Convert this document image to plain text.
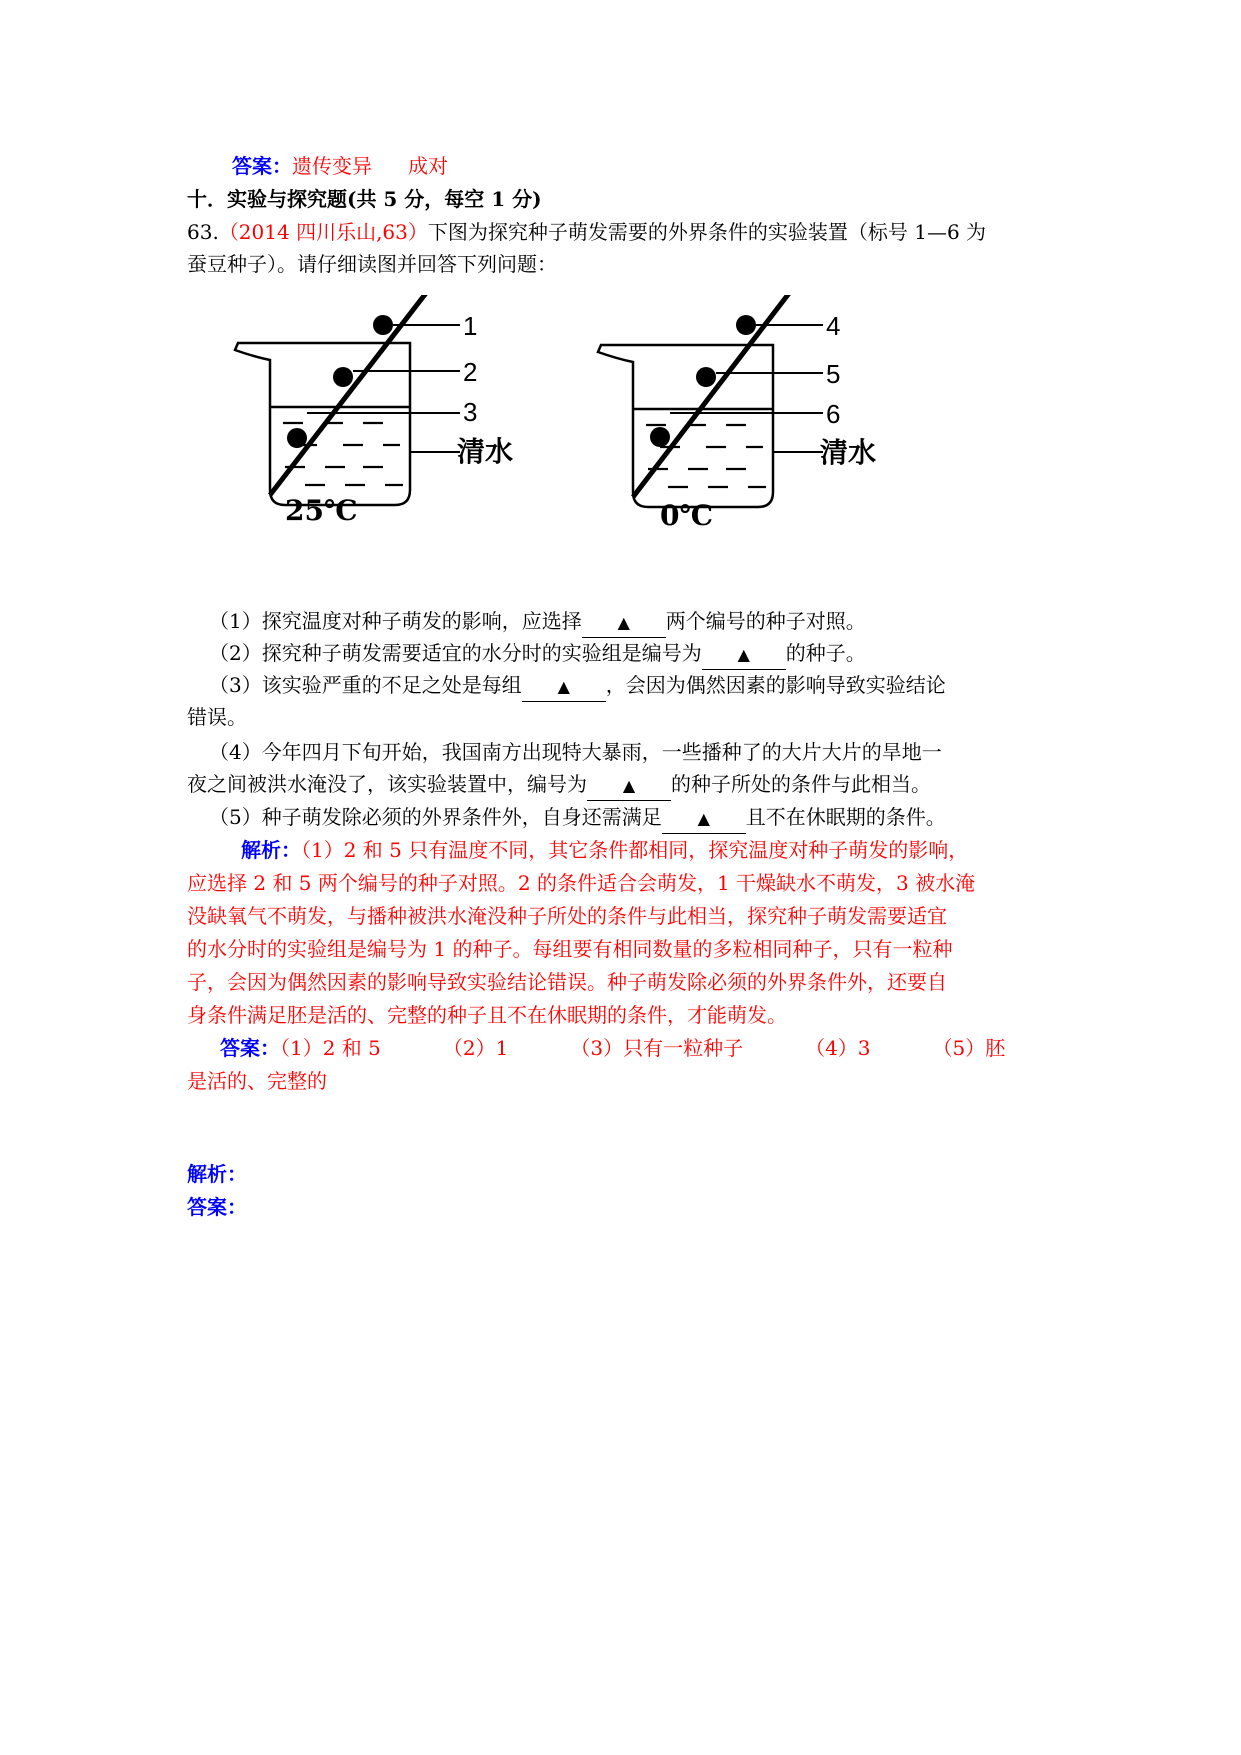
答案：遗传变异 成对
十．实验与探究题(共 5 分，每空 1 分)
63.（2014 四川乐山,63）下图为探究种子萌发需要的外界条件的实验装置（标号 1—6 为
蚕豆种子）。请仔细读图并回答下列问题：
1
2
3
清水
25℃
4
5
6
清水
0℃
（1）探究温度对种子萌发的影响，应选择 ▲ 两个编号的种子对照。
（2）探究种子萌发需要适宜的水分时的实验组是编号为 ▲ 的种子。
（3）该实验严重的不足之处是每组 ▲ ，会因为偶然因素的影响导致实验结论
错误。
（4）今年四月下旬开始，我国南方出现特大暴雨，一些播种了的大片大片的旱地一
夜之间被洪水淹没了，该实验装置中，编号为 ▲ 的种子所处的条件与此相当。
（5）种子萌发除必须的外界条件外，自身还需满足 ▲ 且不在休眠期的条件。
解析：（1）2 和 5 只有温度不同，其它条件都相同，探究温度对种子萌发的影响，
应选择 2 和 5 两个编号的种子对照。2 的条件适合会萌发，1 干燥缺水不萌发，3 被水淹
没缺氧气不萌发，与播种被洪水淹没种子所处的条件与此相当，探究种子萌发需要适宜
的水分时的实验组是编号为 1 的种子。每组要有相同数量的多粒相同种子，只有一粒种
子，会因为偶然因素的影响导致实验结论错误。种子萌发除必须的外界条件外，还要自
身条件满足胚是活的、完整的种子且不在休眠期的条件，才能萌发。
答案：（1）2 和 5	（2）1	（3）只有一粒种子	（4）3	（5）胚
是活的、完整的
解析：
答案：
